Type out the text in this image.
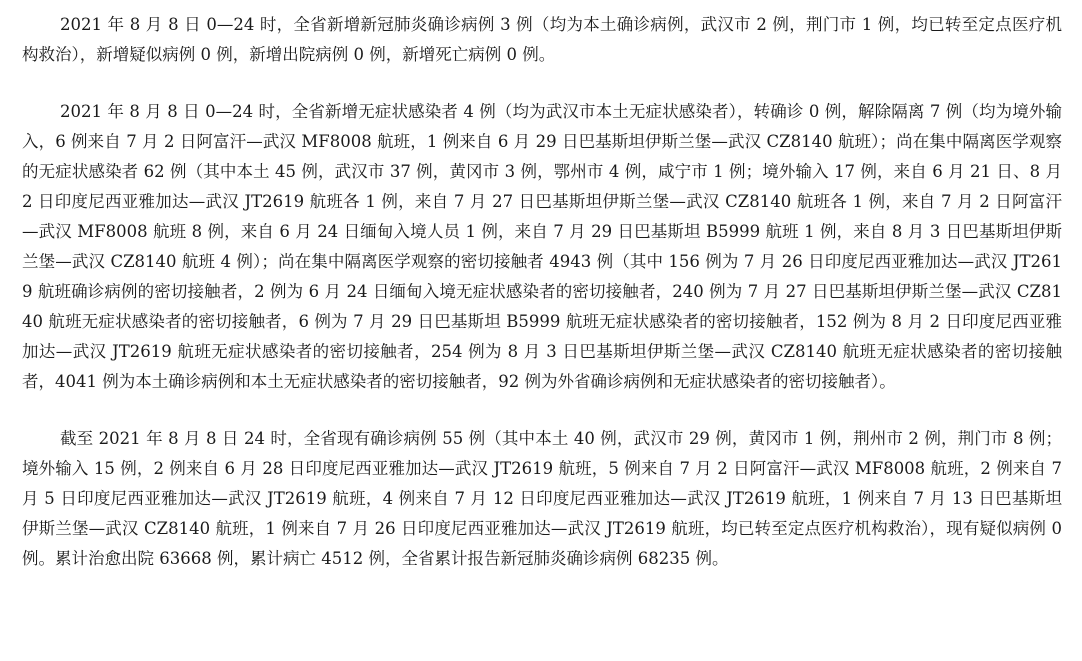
2021 年 8 月 8 日 0—24 时，全省新增新冠肺炎确诊病例 3 例（均为本土确诊病例，武汉市 2 例，荆门市 1 例，均已转至定点医疗机构救治），新增疑似病例 0 例，新增出院病例 0 例，新增死亡病例 0 例。

2021 年 8 月 8 日 0—24 时，全省新增无症状感染者 4 例（均为武汉市本土无症状感染者），转确诊 0 例，解除隔离 7 例（均为境外输入，6 例来自 7 月 2 日阿富汗—武汉 MF8008 航班，1 例来自 6 月 29 日巴基斯坦伊斯兰堡—武汉 CZ8140 航班）；尚在集中隔离医学观察的无症状感染者 62 例（其中本土 45 例，武汉市 37 例，黄冈市 3 例，鄂州市 4 例，咸宁市 1 例；境外输入 17 例，来自 6 月 21 日、8 月 2 日印度尼西亚雅加达—武汉 JT2619 航班各 1 例，来自 7 月 27 日巴基斯坦伊斯兰堡—武汉 CZ8140 航班各 1 例，来自 7 月 2 日阿富汗—武汉 MF8008 航班 8 例，来自 6 月 24 日缅甸入境人员 1 例，来自 7 月 29 日巴基斯坦 B5999 航班 1 例，来自 8 月 3 日巴基斯坦伊斯兰堡—武汉 CZ8140 航班 4 例）；尚在集中隔离医学观察的密切接触者 4943 例（其中 156 例为 7 月 26 日印度尼西亚雅加达—武汉 JT2619 航班确诊病例的密切接触者，2 例为 6 月 24 日缅甸入境无症状感染者的密切接触者，240 例为 7 月 27 日巴基斯坦伊斯兰堡—武汉 CZ8140 航班无症状感染者的密切接触者，6 例为 7 月 29 日巴基斯坦 B5999 航班无症状感染者的密切接触者，152 例为 8 月 2 日印度尼西亚雅加达—武汉 JT2619 航班无症状感染者的密切接触者，254 例为 8 月 3 日巴基斯坦伊斯兰堡—武汉 CZ8140 航班无症状感染者的密切接触者，4041 例为本土确诊病例和本土无症状感染者的密切接触者，92 例为外省确诊病例和无症状感染者的密切接触者）。

截至 2021 年 8 月 8 日 24 时，全省现有确诊病例 55 例（其中本土 40 例，武汉市 29 例，黄冈市 1 例，荆州市 2 例，荆门市 8 例；境外输入 15 例，2 例来自 6 月 28 日印度尼西亚雅加达—武汉 JT2619 航班，5 例来自 7 月 2 日阿富汗—武汉 MF8008 航班，2 例来自 7 月 5 日印度尼西亚雅加达—武汉 JT2619 航班，4 例来自 7 月 12 日印度尼西亚雅加达—武汉 JT2619 航班，1 例来自 7 月 13 日巴基斯坦伊斯兰堡—武汉 CZ8140 航班，1 例来自 7 月 26 日印度尼西亚雅加达—武汉 JT2619 航班，均已转至定点医疗机构救治），现有疑似病例 0 例。累计治愈出院 63668 例，累计病亡 4512 例，全省累计报告新冠肺炎确诊病例 68235 例。
